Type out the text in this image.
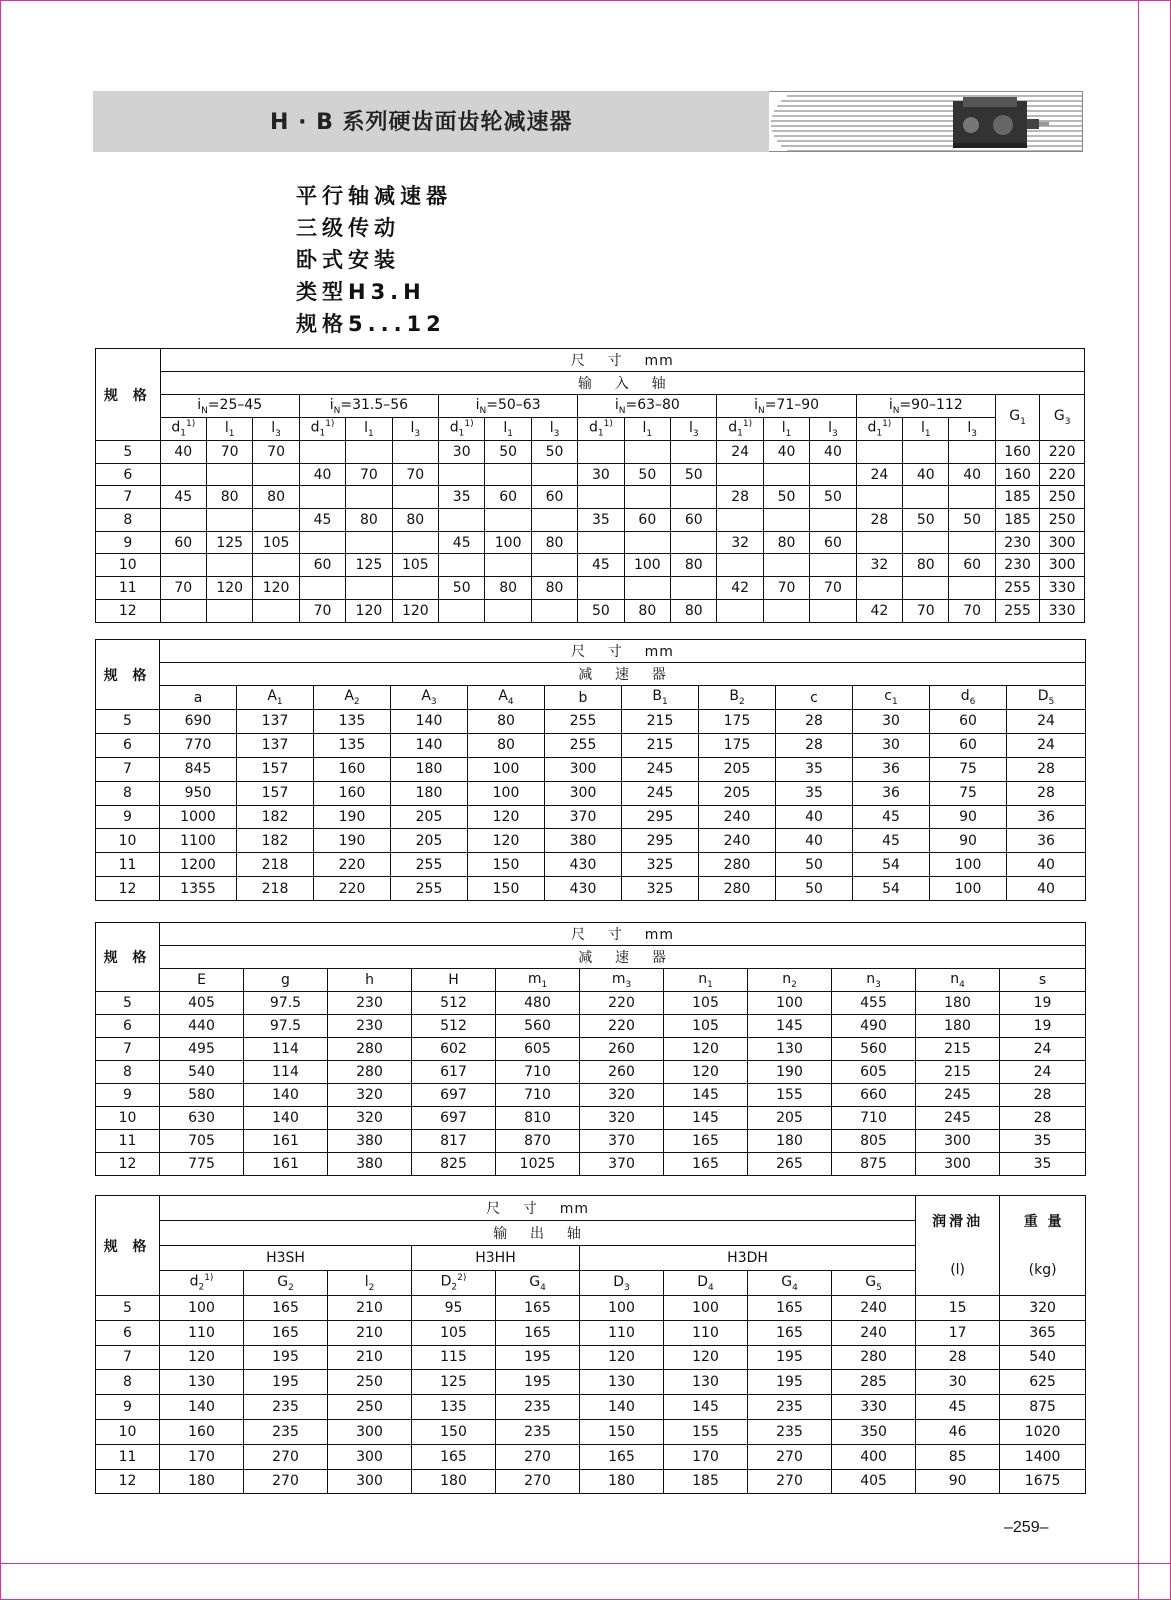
H · B 系列硬齿面齿轮减速器
平行轴减速器
三级传动
卧式安装
类型H3.H
规格5...12
规 格	尺    寸    mm																			
	输    入    轴																			
	$i_N=25-45$			$i_N=31.5-56$			$i_N=50-63$			$i_N=63-80$			$i_N=71-90$			$i_N=90-112$			$G_1$	$G_3$
	$d_1^{1)}$	$l_1$	$l_3$	$d_1^{1)}$	$l_1$	$l_3$	$d_1^{1)}$	$l_1$	$l_3$	$d_1^{1)}$	$l_1$	$l_3$	$d_1^{1)}$	$l_1$	$l_3$	$d_1^{1)}$	$l_1$	$l_3$
5	40	70	70				30	50	50				24	40	40				160	220
6				40	70	70				30	50	50				24	40	40	160	220
7	45	80	80				35	60	60				28	50	50				185	250
8				45	80	80				35	60	60				28	50	50	185	250
9	60	125	105				45	100	80				32	80	60				230	300
10				60	125	105				45	100	80				32	80	60	230	300
11	70	120	120				50	80	80				42	70	70				255	330
12				70	120	120				50	80	80				42	70	70	255	330
规 格	尺    寸    mm											
	减    速    器											
	a	$A_1$	$A_2$	$A_3$	$A_4$	b	$B_1$	$B_2$	c	$c_1$	$d_6$	$D_5$
5	690	137	135	140	80	255	215	175	28	30	60	24
6	770	137	135	140	80	255	215	175	28	30	60	24
7	845	157	160	180	100	300	245	205	35	36	75	28
8	950	157	160	180	100	300	245	205	35	36	75	28
9	1000	182	190	205	120	370	295	240	40	45	90	36
10	1100	182	190	205	120	380	295	240	40	45	90	36
11	1200	218	220	255	150	430	325	280	50	54	100	40
12	1355	218	220	255	150	430	325	280	50	54	100	40
规 格	尺    寸    mm										
	减    速    器										
	E	g	h	H	$m_1$	$m_3$	$n_1$	$n_2$	$n_3$	$n_4$	s
5	405	97.5	230	512	480	220	105	100	455	180	19
6	440	97.5	230	512	560	220	105	145	490	180	19
7	495	114	280	602	605	260	120	130	560	215	24
8	540	114	280	617	710	260	120	190	605	215	24
9	580	140	320	697	710	320	145	155	660	245	28
10	630	140	320	697	810	320	145	205	710	245	28
11	705	161	380	817	870	370	165	180	805	300	35
12	775	161	380	825	1025	370	165	265	875	300	35
规 格	尺    寸    mm									润滑油	重  量
	输    出    轴										
	H3SH			H3HH		H3DH				(l)	(kg)
	$d_2^{1)}$	$G_2$	$l_2$	$D_2^{2)}$	$G_4$	$D_3$	$D_4$	$G_4$	$G_5$
5	100	165	210	95	165	100	100	165	240	15	320
6	110	165	210	105	165	110	110	165	240	17	365
7	120	195	210	115	195	120	120	195	280	28	540
8	130	195	250	125	195	130	130	195	285	30	625
9	140	235	250	135	235	140	145	235	330	45	875
10	160	235	300	150	235	150	155	235	350	46	1020
11	170	270	300	165	270	165	170	270	400	85	1400
12	180	270	300	180	270	180	185	270	405	90	1675
–259–
